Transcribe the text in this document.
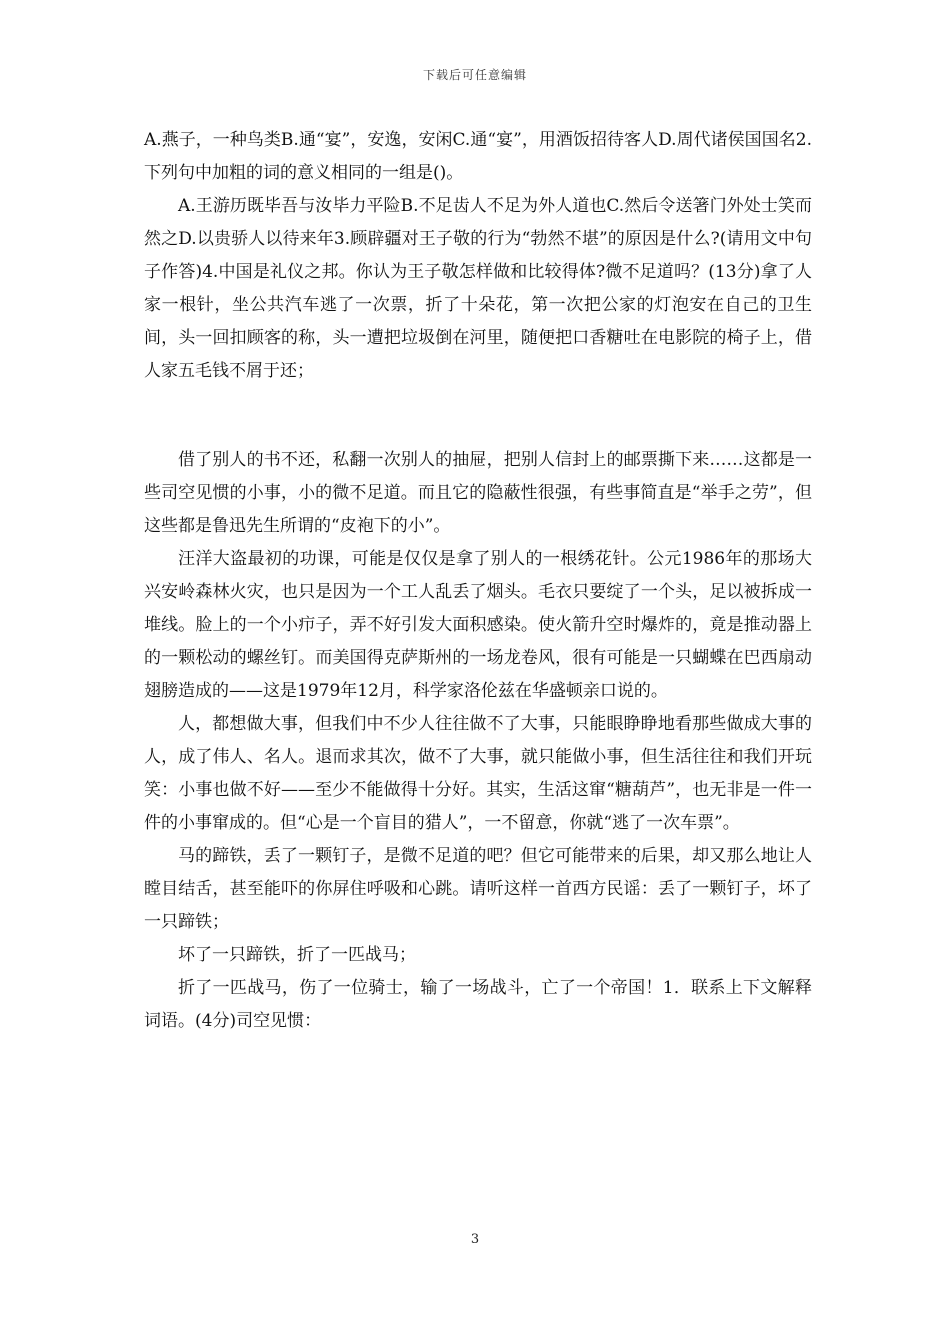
下载后可任意编辑

A.燕子，一种鸟类B.通“宴”，安逸，安闲C.通“宴”，用酒饭招待客人D.周代诸侯国国名2.下列句中加粗的词的意义相同的一组是()。

A.王游历既毕吾与汝毕力平险B.不足齿人不足为外人道也C.然后令送箸门外处士笑而然之D.以贵骄人以待来年3.顾辟疆对王子敬的行为“勃然不堪”的原因是什么?(请用文中句子作答)4.中国是礼仪之邦。你认为王子敬怎样做和比较得体?微不足道吗？(13分)拿了人家一根针，坐公共汽车逃了一次票，折了十朵花，第一次把公家的灯泡安在自己的卫生间，头一回扣顾客的称，头一遭把垃圾倒在河里，随便把口香糖吐在电影院的椅子上，借人家五毛钱不屑于还；

借了别人的书不还，私翻一次别人的抽屉，把别人信封上的邮票撕下来……这都是一些司空见惯的小事，小的微不足道。而且它的隐蔽性很强，有些事简直是“举手之劳”，但这些都是鲁迅先生所谓的“皮袍下的小”。

汪洋大盗最初的功课，可能是仅仅是拿了别人的一根绣花针。公元1986年的那场大兴安岭森林火灾，也只是因为一个工人乱丢了烟头。毛衣只要绽了一个头，足以被拆成一堆线。脸上的一个小疖子，弄不好引发大面积感染。使火箭升空时爆炸的，竟是推动器上的一颗松动的螺丝钉。而美国得克萨斯州的一场龙卷风，很有可能是一只蝴蝶在巴西扇动翅膀造成的——这是1979年12月，科学家洛伦兹在华盛顿亲口说的。

人，都想做大事，但我们中不少人往往做不了大事，只能眼睁睁地看那些做成大事的人，成了伟人、名人。退而求其次，做不了大事，就只能做小事，但生活往往和我们开玩笑：小事也做不好——至少不能做得十分好。其实，生活这窜“糖葫芦”，也无非是一件一件的小事窜成的。但“心是一个盲目的猎人”，一不留意，你就“逃了一次车票”。

马的蹄铁，丢了一颗钉子，是微不足道的吧？但它可能带来的后果，却又那么地让人瞠目结舌，甚至能吓的你屏住呼吸和心跳。请听这样一首西方民谣：丢了一颗钉子，坏了一只蹄铁；

坏了一只蹄铁，折了一匹战马；

折了一匹战马，伤了一位骑士，输了一场战斗，亡了一个帝国！1．联系上下文解释词语。(4分)司空见惯：

3
